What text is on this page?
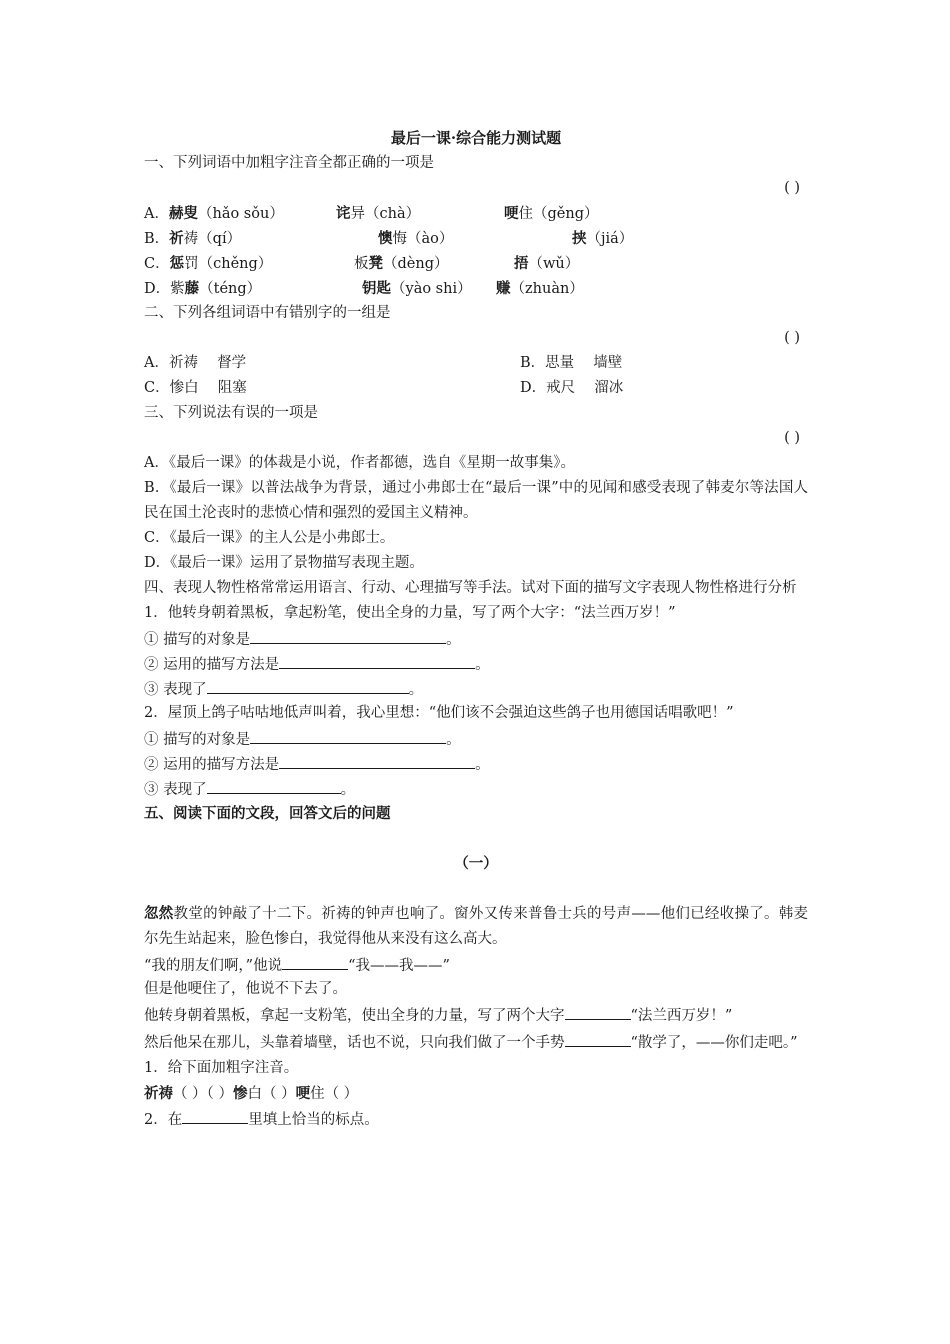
最后一课·综合能力测试题
一、下列词语中加粗字注音全都正确的一项是
( )
A．赫叟（hǎo sǒu）	诧异（chà）	哽住（gěng）
B．祈祷（qí）	懊悔（ào）	挟（jiá）
C．惩罚（chěng）	板凳（dèng）	捂（wǔ）
D．紫藤（téng）	钥匙（yào shi） 赚（zhuàn）
二、下列各组词语中有错别字的一组是
( )
A．祈祷　 督学	B．思量　 墙壁
C．惨白　 阻塞	D．戒尺　 溜冰
三、下列说法有误的一项是
( )
A．《最后一课》的体裁是小说，作者都德，选自《星期一故事集》。
B．《最后一课》以普法战争为背景，通过小弗郎士在“最后一课”中的见闻和感受表现了韩麦尔等法国人民在国土沦丧时的悲愤心情和强烈的爱国主义精神。
C．《最后一课》的主人公是小弗郎士。
D．《最后一课》运用了景物描写表现主题。
四、表现人物性格常常运用语言、行动、心理描写等手法。试对下面的描写文字表现人物性格进行分析
1．他转身朝着黑板，拿起粉笔，使出全身的力量，写了两个大字：“法兰西万岁！”
① 描写的对象是	。
② 运用的描写方法是	。
③ 表现了	。
2．屋顶上鸽子咕咕地低声叫着，我心里想：“他们该不会强迫这些鸽子也用德国话唱歌吧！”
① 描写的对象是	。
② 运用的描写方法是	。
③ 表现了	。
五、阅读下面的文段，回答文后的问题
（一）
忽然教堂的钟敲了十二下。祈祷的钟声也响了。窗外又传来普鲁士兵的号声——他们已经收操了。韩麦尔先生站起来，脸色惨白，我觉得他从来没有这么高大。
“我的朋友们啊，”他说	“我——我——”
但是他哽住了，他说不下去了。
他转身朝着黑板，拿起一支粉笔，使出全身的力量，写了两个大字	“法兰西万岁！”
然后他呆在那儿，头靠着墙壁，话也不说，只向我们做了一个手势	“散学了，——你们走吧。”
1．给下面加粗字注音。
祈祷（ ）（ ）惨白（ ）哽住（ ）
2．在	里填上恰当的标点。
